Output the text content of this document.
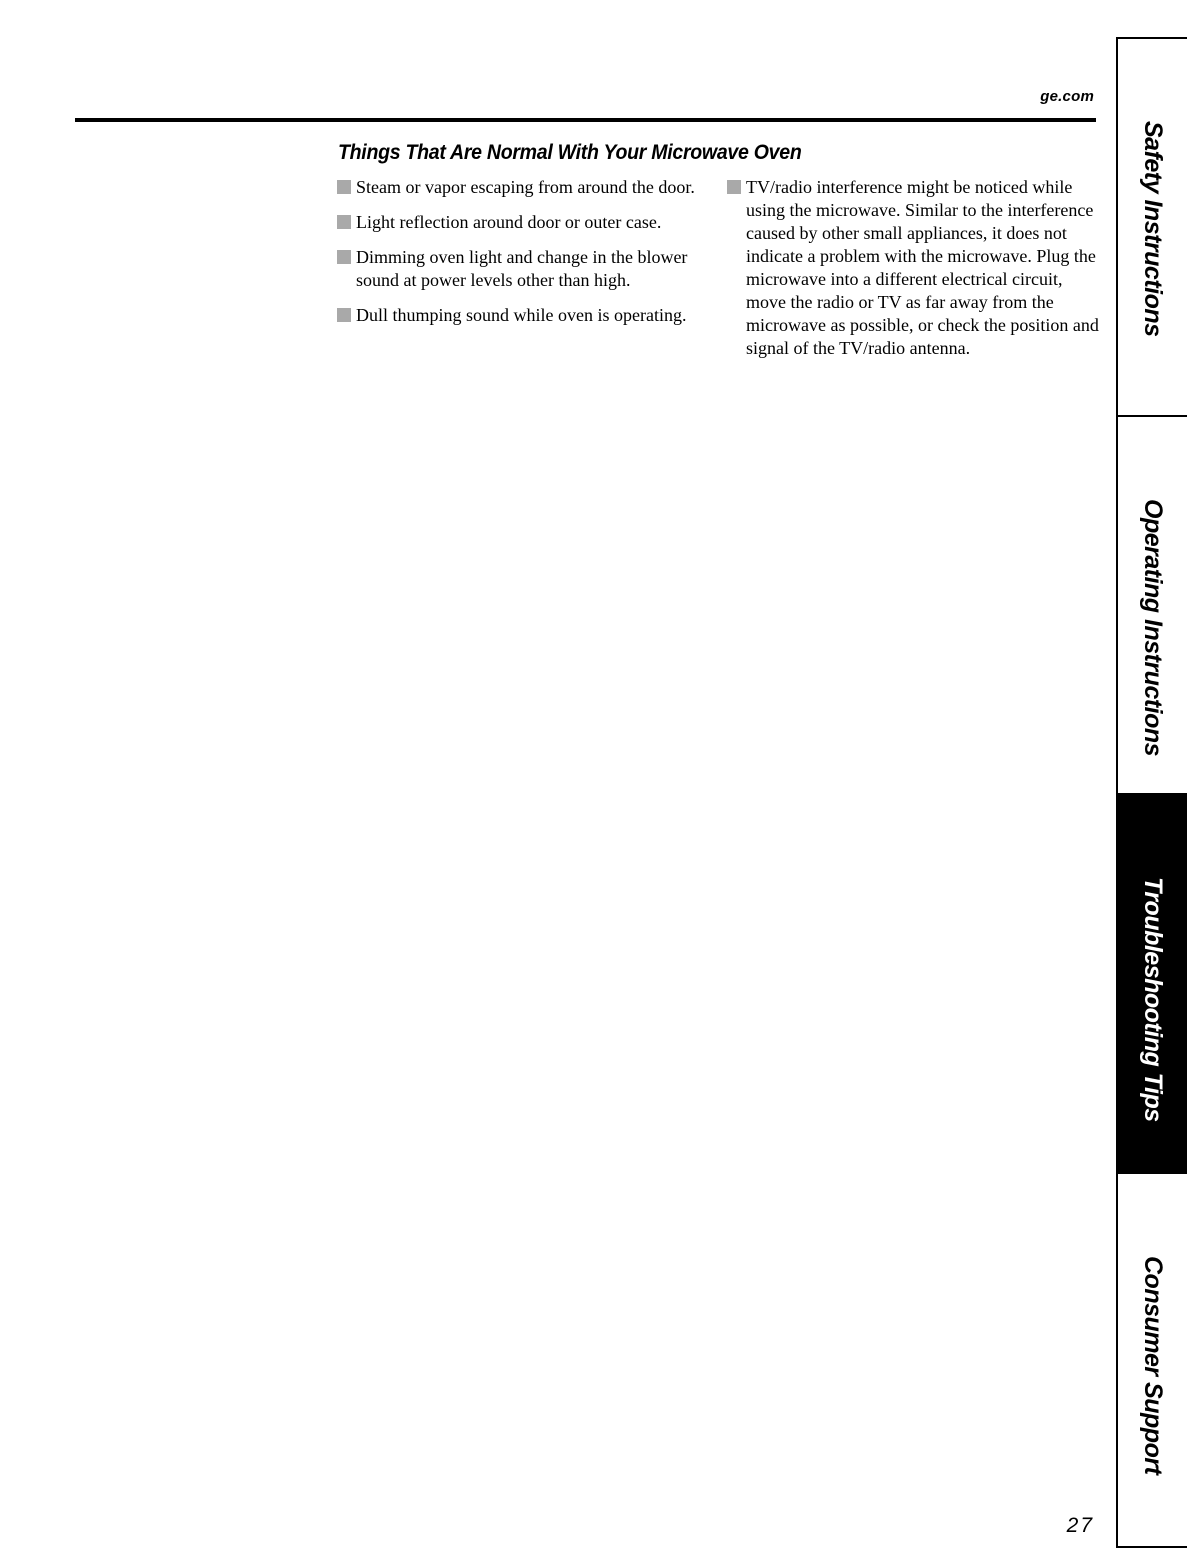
ge.com
Things That Are Normal With Your Microwave Oven
Steam or vapor escaping from around the door.
Light reflection around door or outer case.
Dimming oven light and change in the blower sound at power levels other than high.
Dull thumping sound while oven is operating.
TV/radio interference might be noticed while using the microwave. Similar to the interference caused by other small appliances, it does not indicate a problem with the microwave. Plug the microwave into a different electrical circuit, move the radio or TV as far away from the microwave as possible, or check the position and signal of the TV/radio antenna.
Safety Instructions
Operating Instructions
Troubleshooting Tips
Consumer Support
27
